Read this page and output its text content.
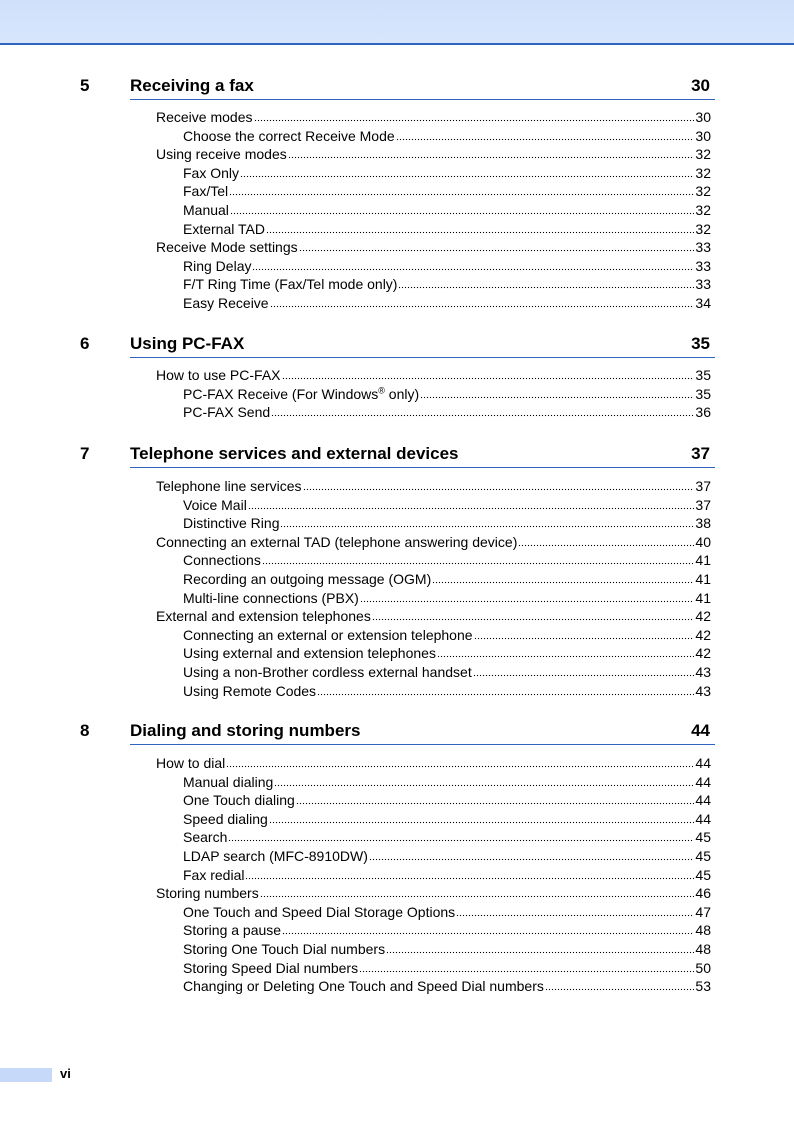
5 Receiving a fax	30
Receive modes	30
Choose the correct Receive Mode	30
Using receive modes	32
Fax Only	32
Fax/Tel	32
Manual	32
External TAD	32
Receive Mode settings	33
Ring Delay	33
F/T Ring Time (Fax/Tel mode only)	33
Easy Receive	34
6 Using PC-FAX	35
How to use PC-FAX	35
PC-FAX Receive (For Windows® only)	35
PC-FAX Send	36
7 Telephone services and external devices	37
Telephone line services	37
Voice Mail	37
Distinctive Ring	38
Connecting an external TAD (telephone answering device)	40
Connections	41
Recording an outgoing message (OGM)	41
Multi-line connections (PBX)	41
External and extension telephones	42
Connecting an external or extension telephone	42
Using external and extension telephones	42
Using a non-Brother cordless external handset	43
Using Remote Codes	43
8 Dialing and storing numbers	44
How to dial	44
Manual dialing	44
One Touch dialing	44
Speed dialing	44
Search	45
LDAP search (MFC-8910DW)	45
Fax redial	45
Storing numbers	46
One Touch and Speed Dial Storage Options	47
Storing a pause	48
Storing One Touch Dial numbers	48
Storing Speed Dial numbers	50
Changing or Deleting One Touch and Speed Dial numbers	53
vi
